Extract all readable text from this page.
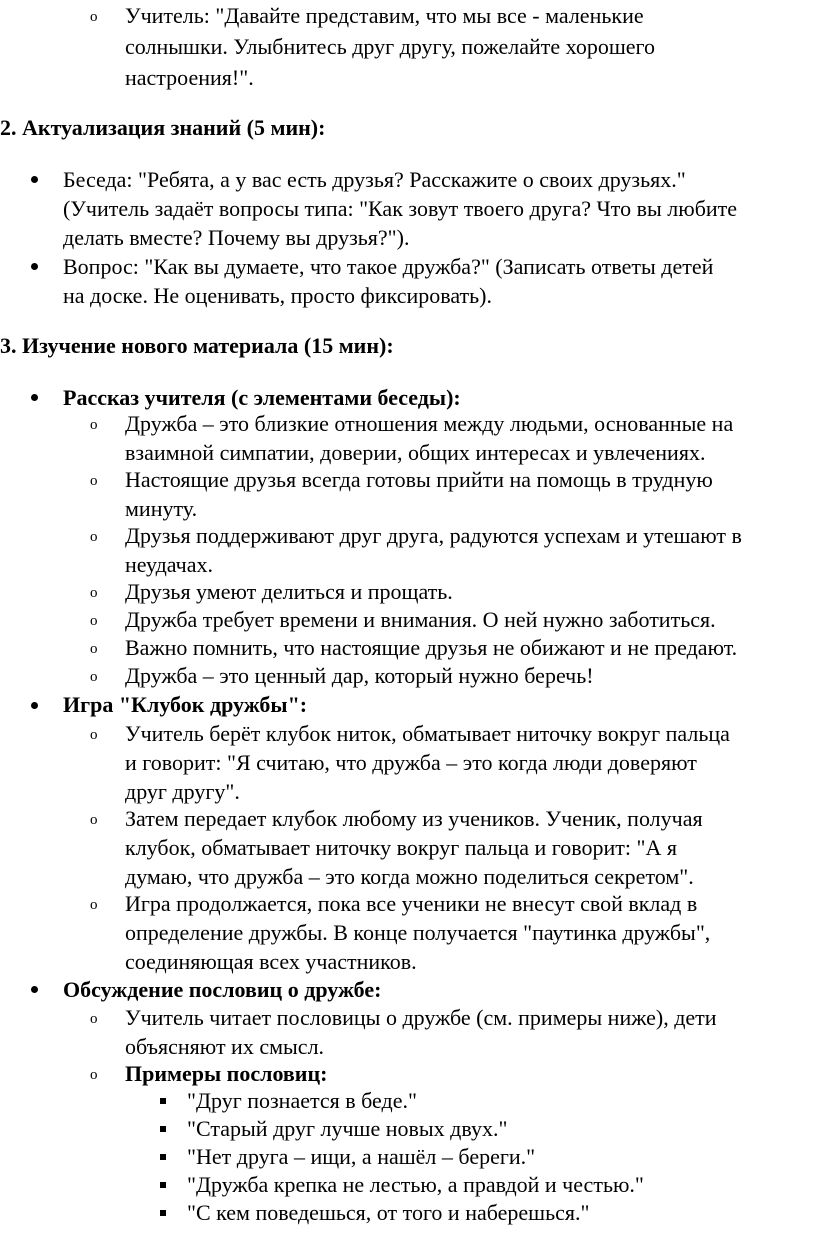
o Учитель: "Давайте представим, что мы все - маленькие
солнышки. Улыбнитесь друг другу, пожелайте хорошего
настроения!".
2. Актуализация знаний (5 мин):
Беседа: "Ребята, а у вас есть друзья? Расскажите о своих друзьях."
(Учитель задаёт вопросы типа: "Как зовут твоего друга? Что вы любите
делать вместе? Почему вы друзья?").
Вопрос: "Как вы думаете, что такое дружба?" (Записать ответы детей
на доске. Не оценивать, просто фиксировать).
3. Изучение нового материала (15 мин):
Рассказ учителя (с элементами беседы):
o Дружба – это близкие отношения между людьми, основанные на
взаимной симпатии, доверии, общих интересах и увлечениях.
o Настоящие друзья всегда готовы прийти на помощь в трудную
минуту.
o Друзья поддерживают друг друга, радуются успехам и утешают в
неудачах.
o Друзья умеют делиться и прощать.
o Дружба требует времени и внимания. О ней нужно заботиться.
o Важно помнить, что настоящие друзья не обижают и не предают.
o Дружба – это ценный дар, который нужно беречь!
Игра "Клубок дружбы":
o Учитель берёт клубок ниток, обматывает ниточку вокруг пальца
и говорит: "Я считаю, что дружба – это когда люди доверяют
друг другу".
o Затем передает клубок любому из учеников. Ученик, получая
клубок, обматывает ниточку вокруг пальца и говорит: "А я
думаю, что дружба – это когда можно поделиться секретом".
o Игра продолжается, пока все ученики не внесут свой вклад в
определение дружбы. В конце получается "паутинка дружбы",
соединяющая всех участников.
Обсуждение пословиц о дружбе:
o Учитель читает пословицы о дружбе (см. примеры ниже), дети
объясняют их смысл.
o Примеры пословиц:
"Друг познается в беде."
"Старый друг лучше новых двух."
"Нет друга – ищи, а нашёл – береги."
"Дружба крепка не лестью, а правдой и честью."
"С кем поведешься, от того и наберешься."
